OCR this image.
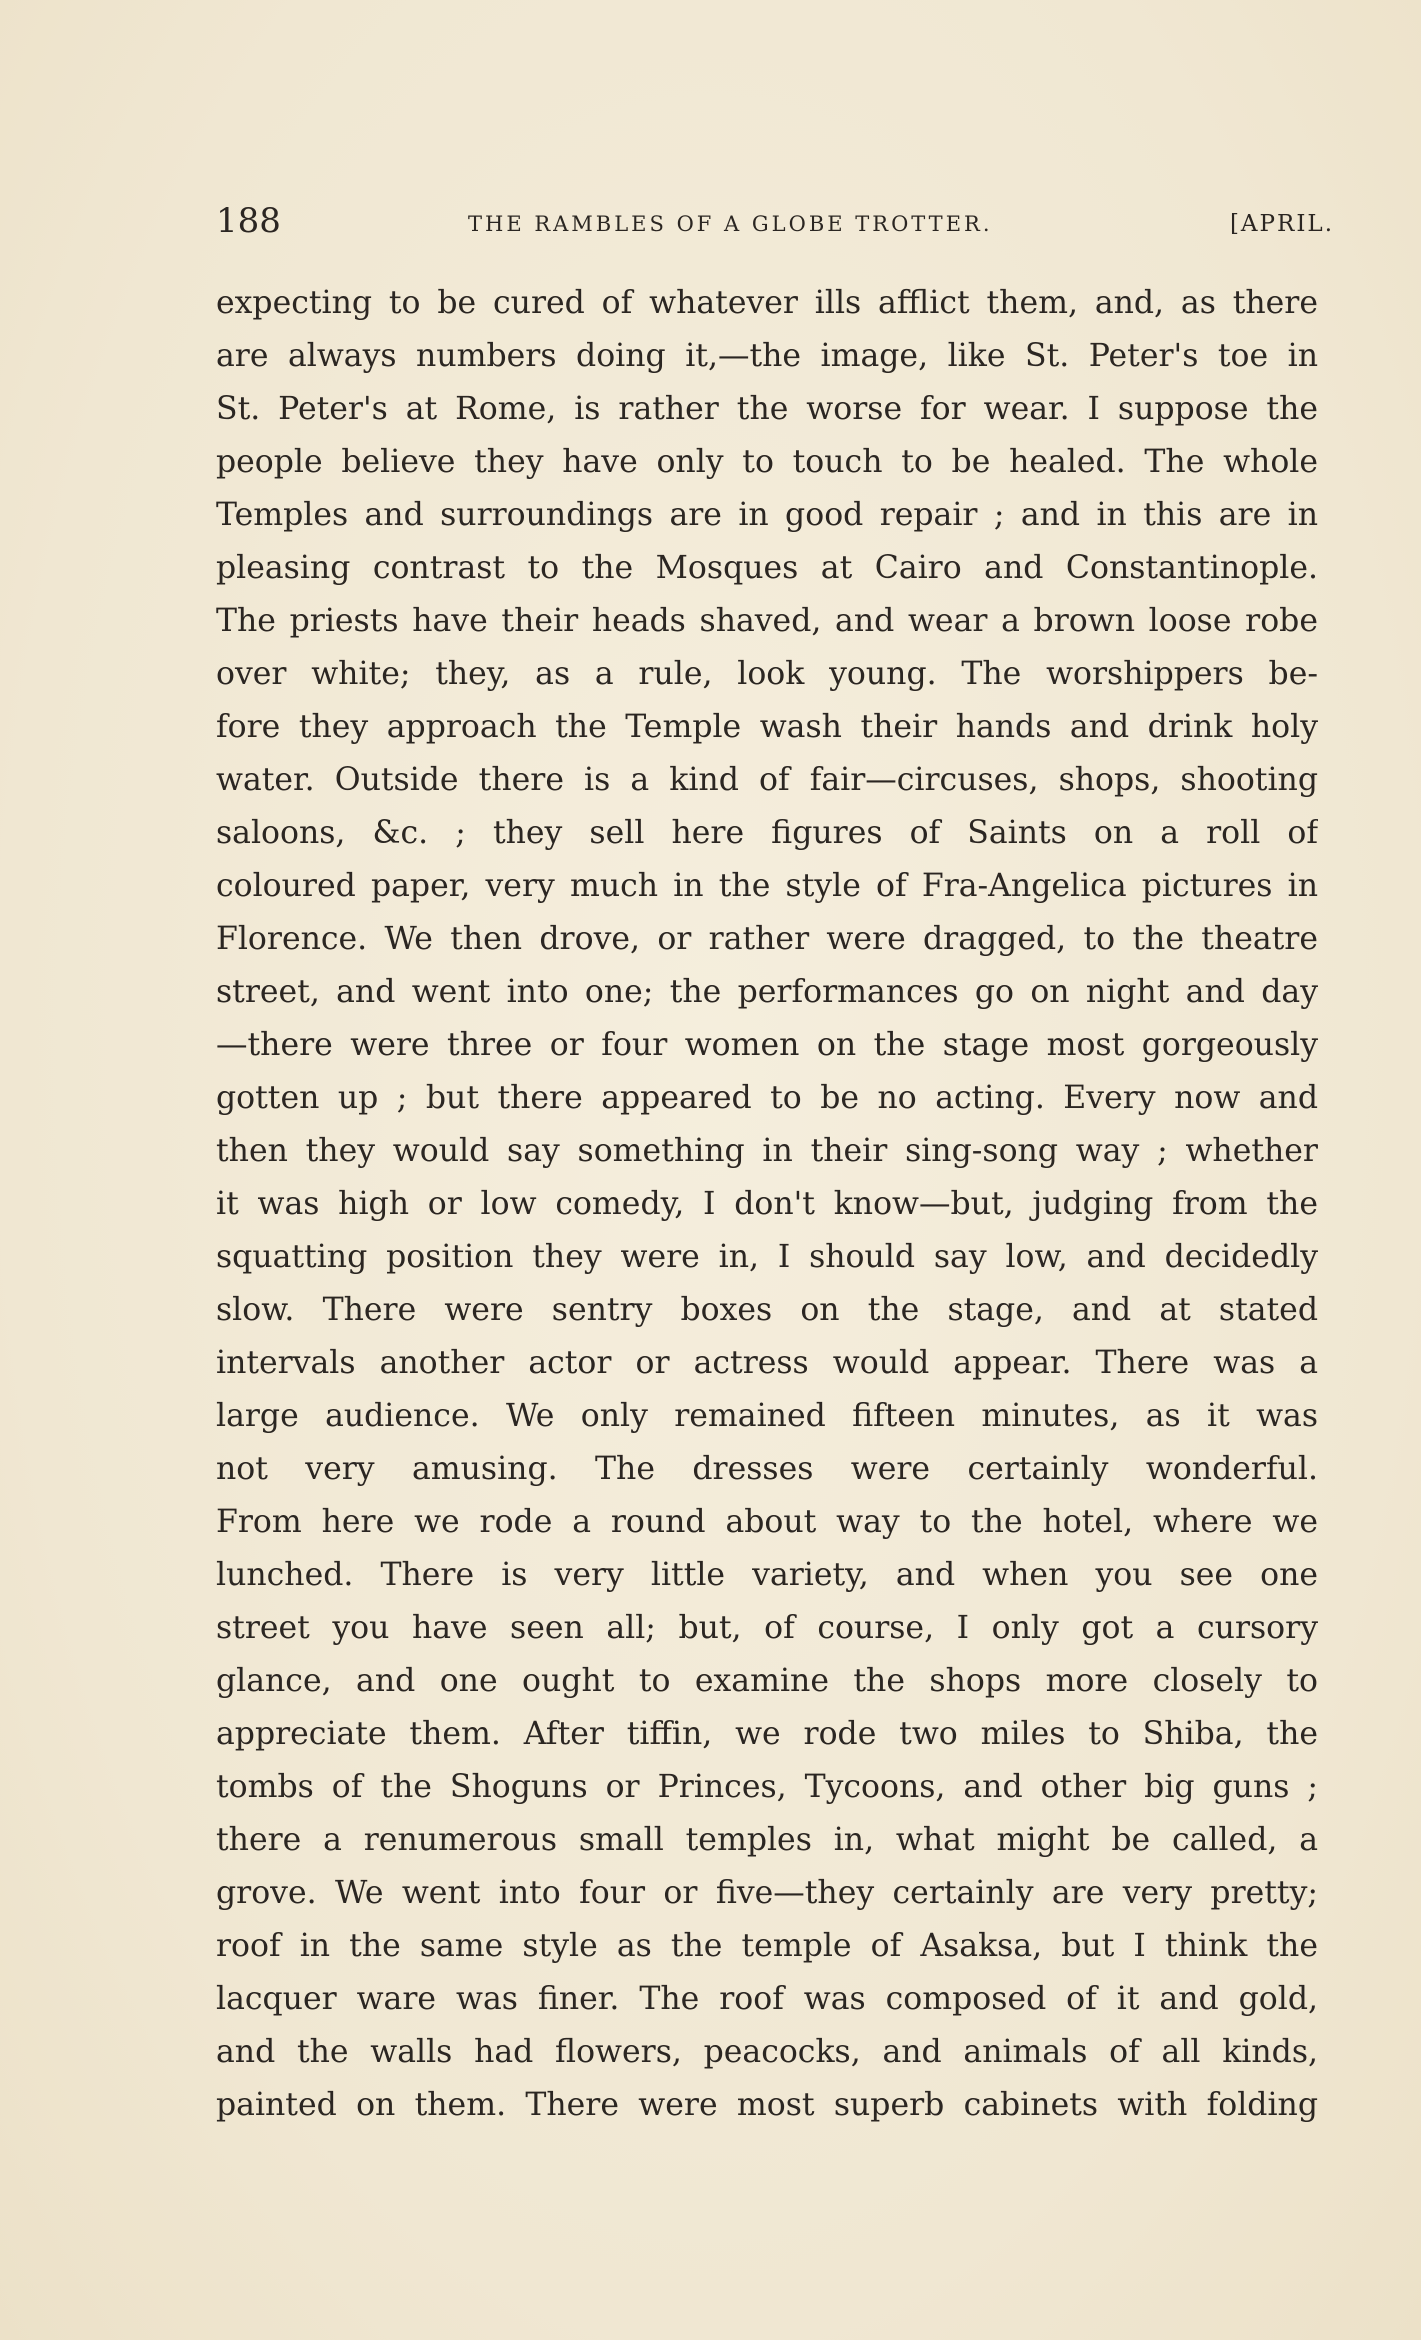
188	THE RAMBLES OF A GLOBE TROTTER.	[APRIL.
expecting to be cured of whatever ills afflict them, and, as there
are always numbers doing it,—the image, like St. Peter's toe in
St. Peter's at Rome, is rather the worse for wear. I suppose the
people believe they have only to touch to be healed. The whole
Temples and surroundings are in good repair ; and in this are in
pleasing contrast to the Mosques at Cairo and Constantinople.
The priests have their heads shaved, and wear a brown loose robe
over white; they, as a rule, look young. The worshippers be-
fore they approach the Temple wash their hands and drink holy
water. Outside there is a kind of fair—circuses, shops, shooting
saloons, &c. ; they sell here figures of Saints on a roll of
coloured paper, very much in the style of Fra-Angelica pictures in
Florence. We then drove, or rather were dragged, to the theatre
street, and went into one; the performances go on night and day
—there were three or four women on the stage most gorgeously
gotten up ; but there appeared to be no acting. Every now and
then they would say something in their sing-song way ; whether
it was high or low comedy, I don't know—but, judging from the
squatting position they were in, I should say low, and decidedly
slow. There were sentry boxes on the stage, and at stated
intervals another actor or actress would appear. There was a
large audience. We only remained fifteen minutes, as it was
not very amusing. The dresses were certainly wonderful.
From here we rode a round about way to the hotel, where we
lunched. There is very little variety, and when you see one
street you have seen all; but, of course, I only got a cursory
glance, and one ought to examine the shops more closely to
appreciate them. After tiffin, we rode two miles to Shiba, the
tombs of the Shoguns or Princes, Tycoons, and other big guns ;
there a renumerous small temples in, what might be called, a
grove. We went into four or five—they certainly are very pretty;
roof in the same style as the temple of Asaksa, but I think the
lacquer ware was finer. The roof was composed of it and gold,
and the walls had flowers, peacocks, and animals of all kinds,
painted on them. There were most superb cabinets with folding
